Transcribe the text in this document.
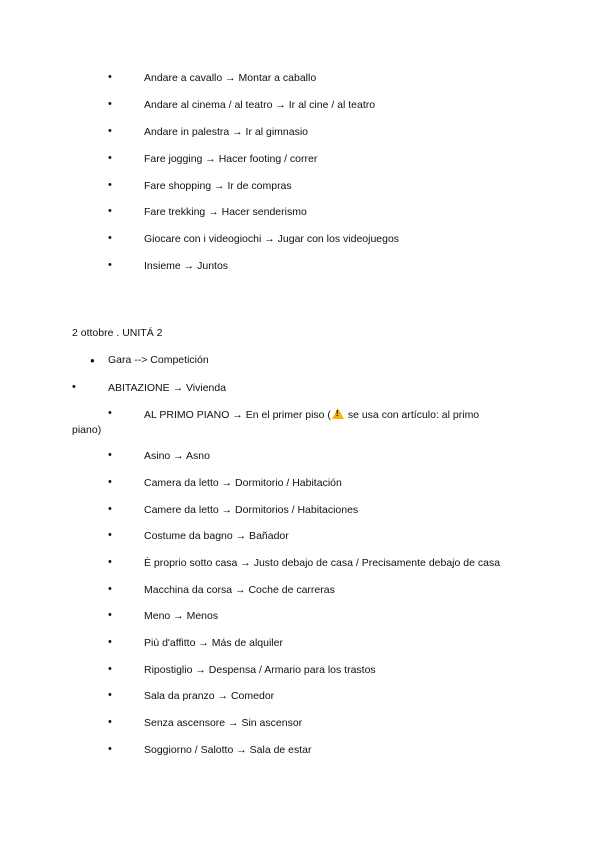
•	Andare a cavallo → Montar a caballo
•	Andare al cinema / al teatro → Ir al cine / al teatro
•	Andare in palestra → Ir al gimnasio
•	Fare jogging → Hacer footing / correr
•	Fare shopping → Ir de compras
•	Fare trekking → Hacer senderismo
•	Giocare con i videogiochi → Jugar con los videojuegos
•	Insieme → Juntos
2 ottobre . UNITÁ 2
● Gara --> Competición
•	ABITAZIONE → Vivienda
•	AL PRIMO PIANO → En el primer piso (! se usa con artículo: al primo
piano)
•	Asino → Asno
•	Camera da letto → Dormitorio / Habitación
•	Camere da letto → Dormitorios / Habitaciones
•	Costume da bagno → Bañador
•	È proprio sotto casa → Justo debajo de casa / Precisamente debajo de casa
•	Macchina da corsa → Coche de carreras
•	Meno → Menos
•	Più d'affitto → Más de alquiler
•	Ripostiglio → Despensa / Armario para los trastos
•	Sala da pranzo → Comedor
•	Senza ascensore → Sin ascensor
•	Soggiorno / Salotto → Sala de estar
